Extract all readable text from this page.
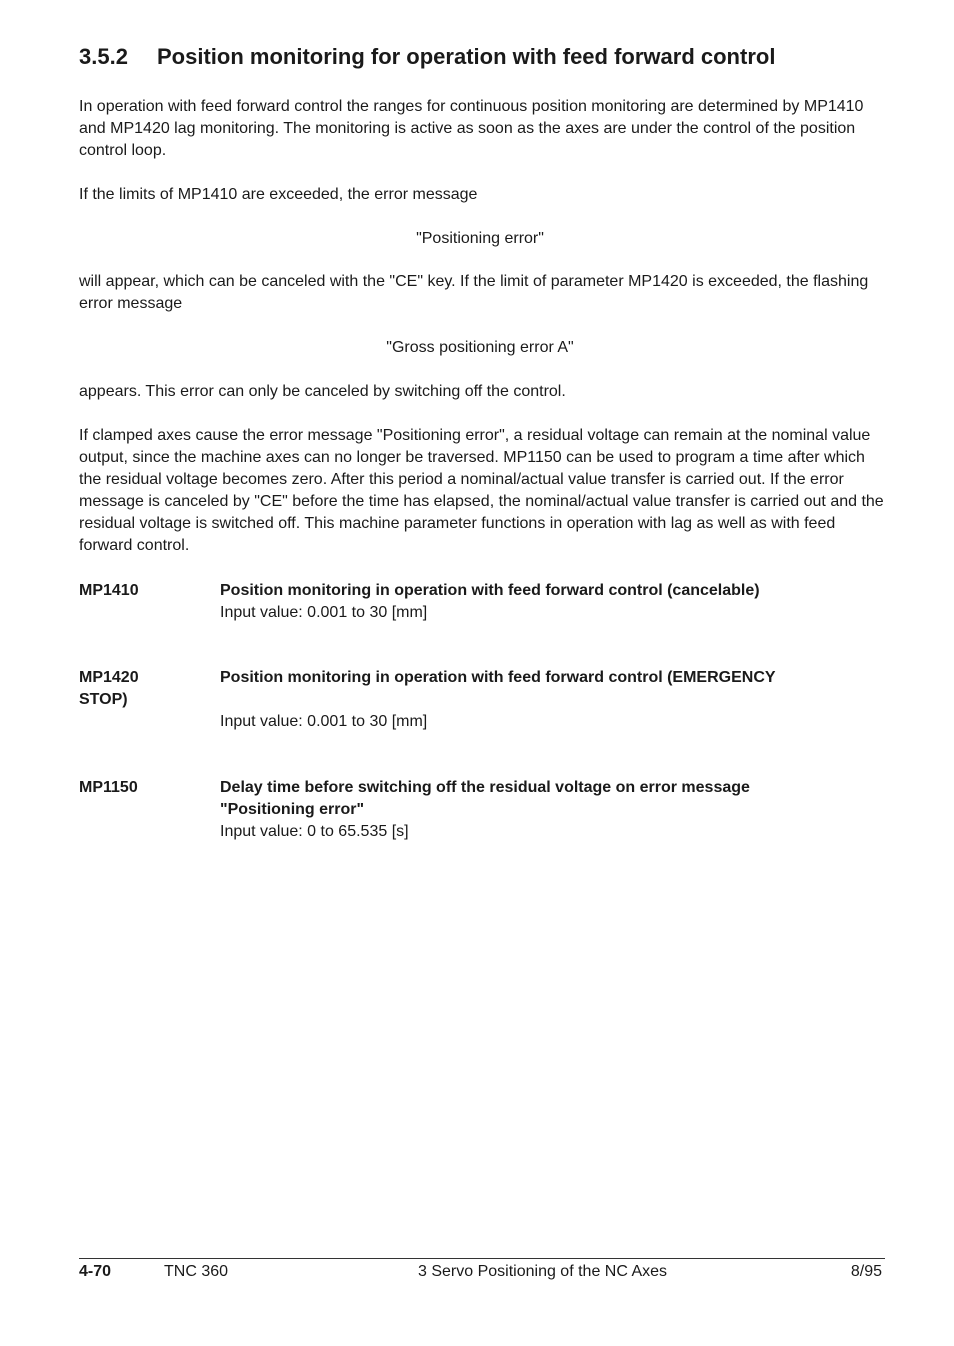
3.5.2 Position monitoring for operation with feed forward control

In operation with feed forward control the ranges for continuous position monitoring are determined by MP1410 and MP1420 lag monitoring. The monitoring is active as soon as the axes are under the control of the position control loop.

If the limits of MP1410 are exceeded, the error message

"Positioning error"

will appear, which can be canceled with the "CE" key. If the limit of parameter MP1420 is exceeded, the flashing error message

"Gross positioning error A"

appears. This error can only be canceled by switching off the control.

If clamped axes cause the error message "Positioning error", a residual voltage can remain at the nominal value output, since the machine axes can no longer be traversed. MP1150 can be used to program a time after which the residual voltage becomes zero. After this period a nominal/actual value transfer is carried out. If the error message is canceled by "CE" before the time has elapsed, the nominal/actual value transfer is carried out and the residual voltage is switched off. This machine parameter functions in operation with lag as well as with feed forward control.

MP1410	Position monitoring in operation with feed forward control (cancelable)
Input value: 0.001 to 30 [mm]
MP1420	Position monitoring in operation with feed forward control (EMERGENCY
STOP)
Input value: 0.001 to 30 [mm]
MP1150	Delay time before switching off the residual voltage on error message "Positioning error"
Input value: 0 to 65.535 [s]
4-70	TNC 360	3 Servo Positioning of the NC Axes	8/95
